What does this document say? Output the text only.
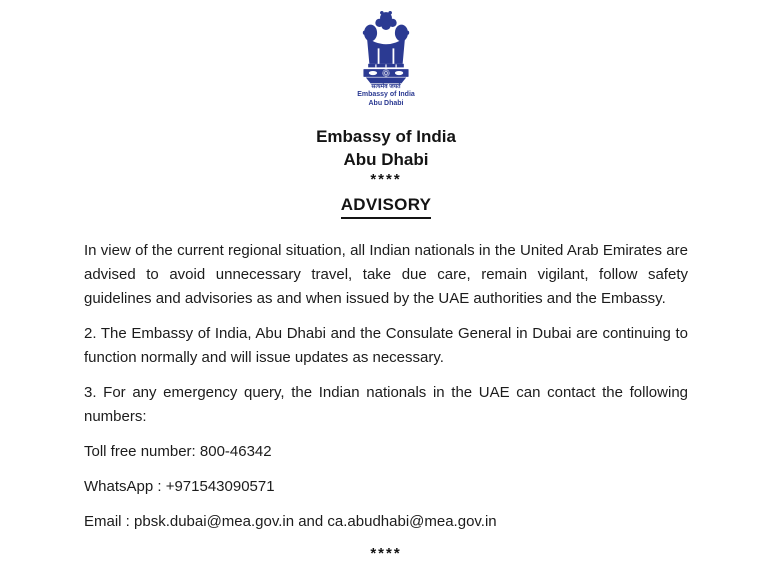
सत्यमेव जयते
Embassy of India
Abu Dhabi
Embassy of India
Abu Dhabi
****
ADVISORY

In view of the current regional situation, all Indian nationals in the United Arab Emirates are advised to avoid unnecessary travel, take due care, remain vigilant, follow safety guidelines and advisories as and when issued by the UAE authorities and the Embassy.

2. The Embassy of India, Abu Dhabi and the Consulate General in Dubai are continuing to function normally and will issue updates as necessary.

3. For any emergency query, the Indian nationals in the UAE can contact the following numbers:

Toll free number: 800-46342

WhatsApp : +971543090571

Email : pbsk.dubai@mea.gov.in and ca.abudhabi@mea.gov.in

****
